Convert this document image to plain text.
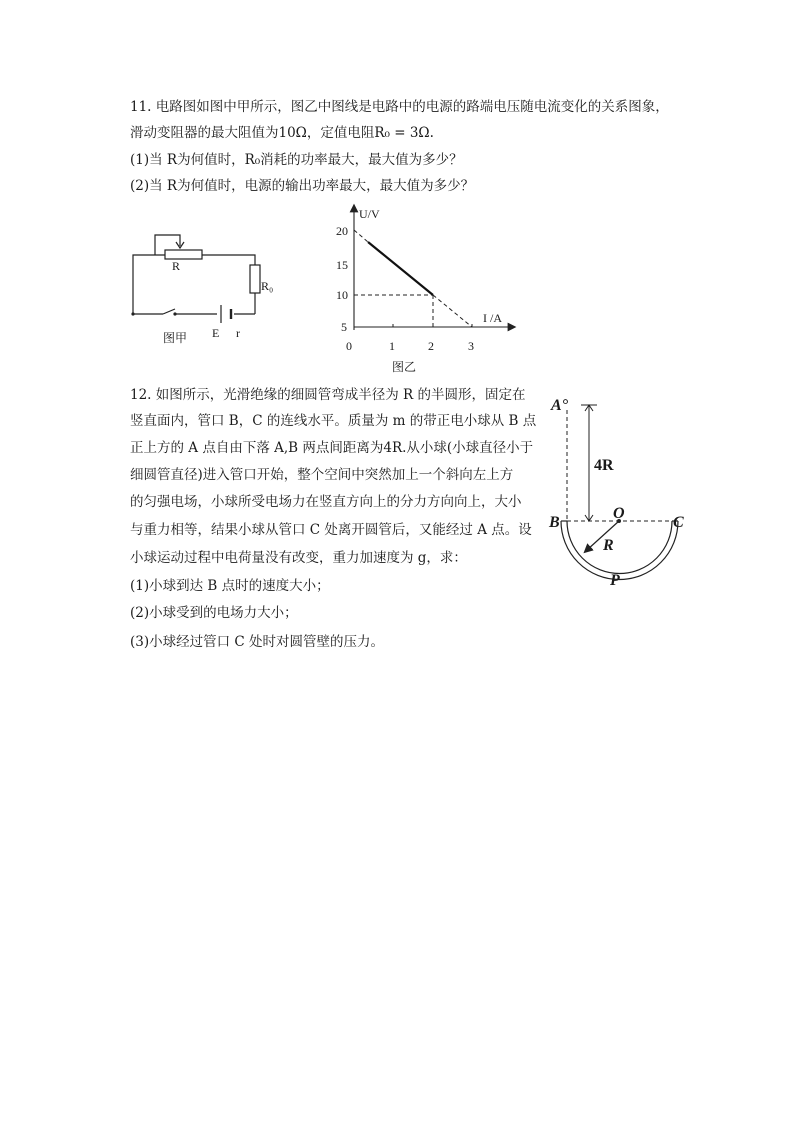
11. 电路图如图中甲所示，图乙中图线是电路中的电源的路端电压随电流变化的关系图象，
滑动变阻器的最大阻值为10Ω，定值电阻R₀ = 3Ω.
(1)当 R为何值时，R₀消耗的功率最大，最大值为多少？
(2)当 R为何值时，电源的输出功率最大，最大值为多少？
R
R₀
E r
图甲
U/V
I /A
20
15
10
5
0	1	2	3
图乙
12. 如图所示，光滑绝缘的细圆管弯成半径为 R 的半圆形，固定在
竖直面内，管口 B，C 的连线水平。质量为 m 的带正电小球从 B 点
正上方的 A 点自由下落 A,B 两点间距离为4R.从小球(小球直径小于
细圆管直径)进入管口开始，整个空间中突然加上一个斜向左上方
的匀强电场，小球所受电场力在竖直方向上的分力方向向上，大小
与重力相等，结果小球从管口 C 处离开圆管后，又能经过 A 点。设
小球运动过程中电荷量没有改变，重力加速度为 g，求：
(1)小球到达 B 点时的速度大小；
(2)小球受到的电场力大小；
(3)小球经过管口 C 处时对圆管壁的压力。
A°
4R
B
O
C
R
P
